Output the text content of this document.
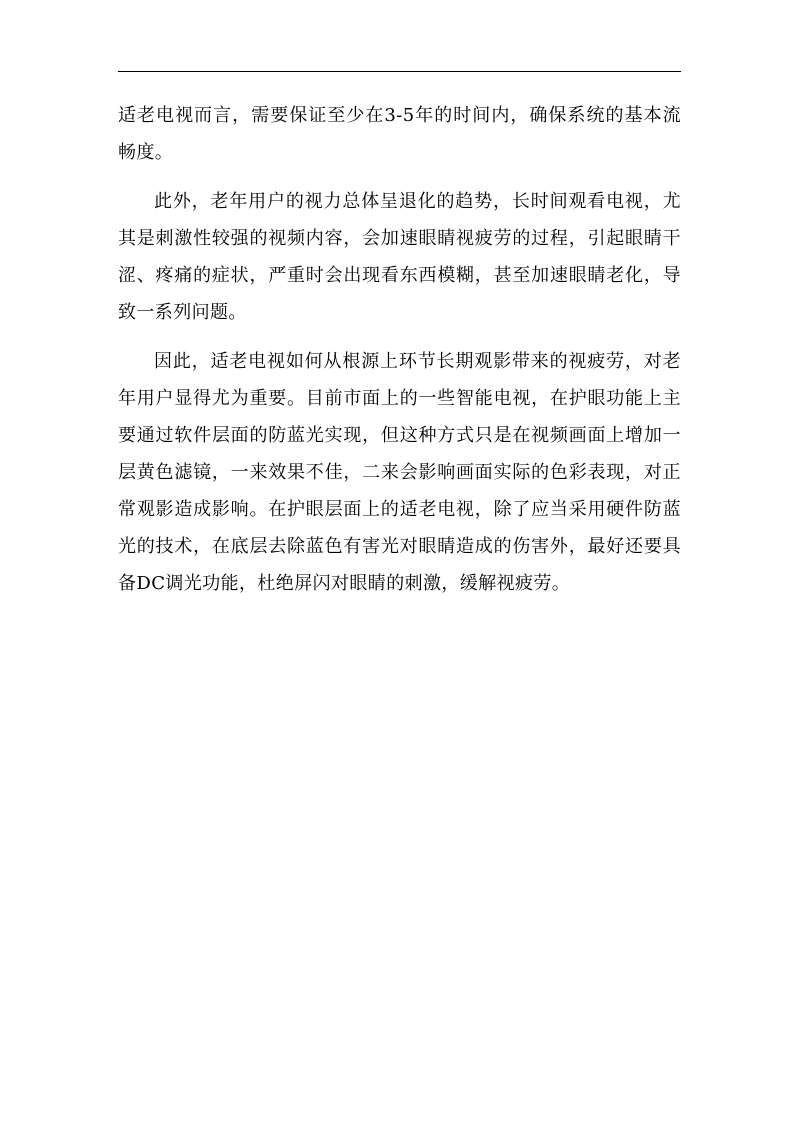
适老电视而言，需要保证至少在3-5年的时间内，确保系统的基本流畅度。

此外，老年用户的视力总体呈退化的趋势，长时间观看电视，尤其是刺激性较强的视频内容，会加速眼睛视疲劳的过程，引起眼睛干涩、疼痛的症状，严重时会出现看东西模糊，甚至加速眼睛老化，导致一系列问题。

因此，适老电视如何从根源上环节长期观影带来的视疲劳，对老年用户显得尤为重要。目前市面上的一些智能电视，在护眼功能上主要通过软件层面的防蓝光实现，但这种方式只是在视频画面上增加一层黄色滤镜，一来效果不佳，二来会影响画面实际的色彩表现，对正常观影造成影响。在护眼层面上的适老电视，除了应当采用硬件防蓝光的技术，在底层去除蓝色有害光对眼睛造成的伤害外，最好还要具备DC调光功能，杜绝屏闪对眼睛的刺激，缓解视疲劳。
